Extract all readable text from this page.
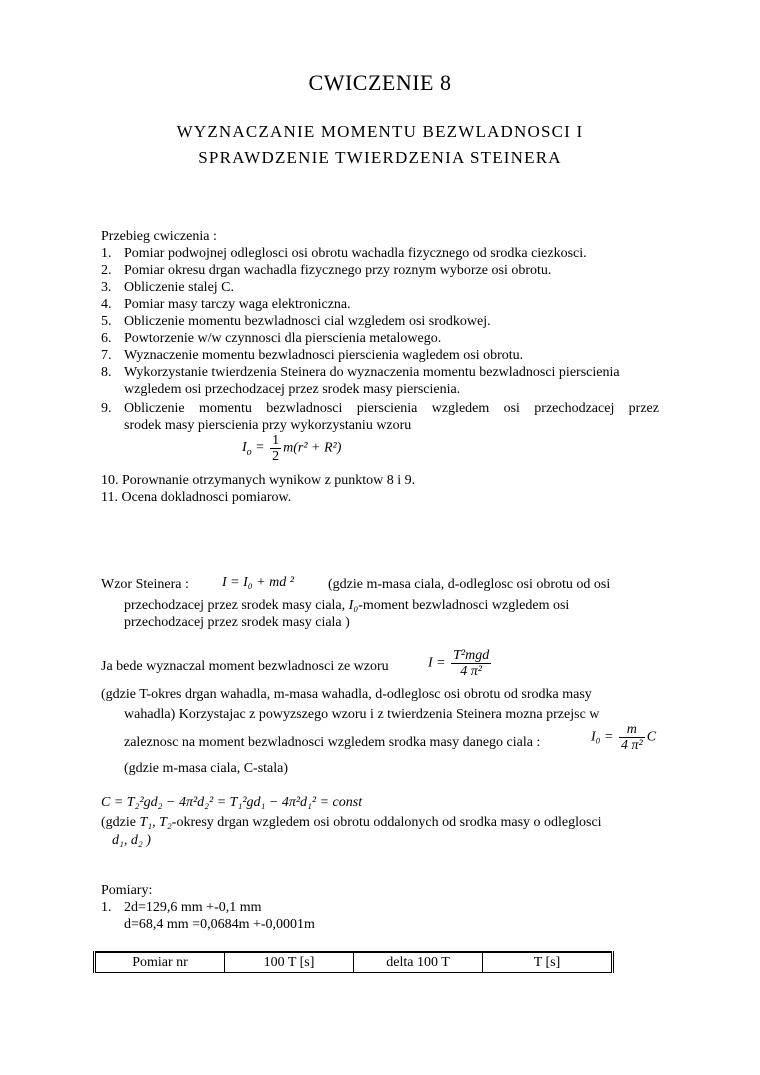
CWICZENIE 8
WYZNACZANIE MOMENTU BEZWLADNOSCI I
SPRAWDZENIE TWIERDZENIA STEINERA
Przebieg cwiczenia :
1. Pomiar podwojnej odleglosci osi obrotu wachadla fizycznego od srodka ciezkosci.
2. Pomiar okresu drgan wachadla fizycznego przy roznym wyborze osi obrotu.
3. Obliczenie stalej C.
4. Pomiar masy tarczy waga elektroniczna.
5. Obliczenie momentu bezwladnosci cial wzgledem osi srodkowej.
6. Powtorzenie w/w czynnosci dla pierscienia metalowego.
7. Wyznaczenie momentu bezwladnosci pierscienia wagledem osi obrotu.
8. Wykorzystanie twierdzenia Steinera do wyznaczenia momentu bezwladnosci pierscienia
wzgledem osi przechodzacej przez srodek masy pierscienia.
9. Obliczenie momentu bezwladnosci pierscienia wzgledem osi przechodzacej przez
srodek masy pierscienia przy wykorzystaniu wzoru
$I_o = \frac{1}{2} m(r^2 + R^2)$
10. Porownanie otrzymanych wynikow z punktow 8 i 9.
11. Ocena dokladnosci pomiarow.
Wzor Steinera : I = I₀ + md ² (gdzie m-masa ciala, d-odleglosc osi obrotu od osi
przechodzacej przez srodek masy ciala, I₀-moment bezwladnosci wzgledem osi
przechodzacej przez srodek masy ciala )
Ja bede wyznaczal moment bezwladnosci ze wzoru	$I = \frac{\text{T²mgd}}{\text{4 π²}}$
(gdzie T-okres drgan wahadla, m-masa wahadla, d-odleglosc osi obrotu od srodka masy
wahadla) Korzystajac z powyzszego wzoru i z twierdzenia Steinera mozna przejsc w
zaleznosc na moment bezwladnosci wzgledem srodka masy danego ciala :	$I_0 = \frac{m}{\text{4 π²}}$ C
(gdzie m-masa ciala, C-stala)
C = T₂²gd₂ − 4π²d₂² = T₁²gd₁ − 4π²d₁² = const
(gdzie T₁, T₂-okresy drgan wzgledem osi obrotu oddalonych od srodka masy o odleglosci
d₁, d₂ )
Pomiary:
1. 2d=129,6 mm +-0,1 mm
d=68,4 mm =0,0684m +-0,0001m
Pomiar nr	100 T [s]	delta 100 T	T [s]
